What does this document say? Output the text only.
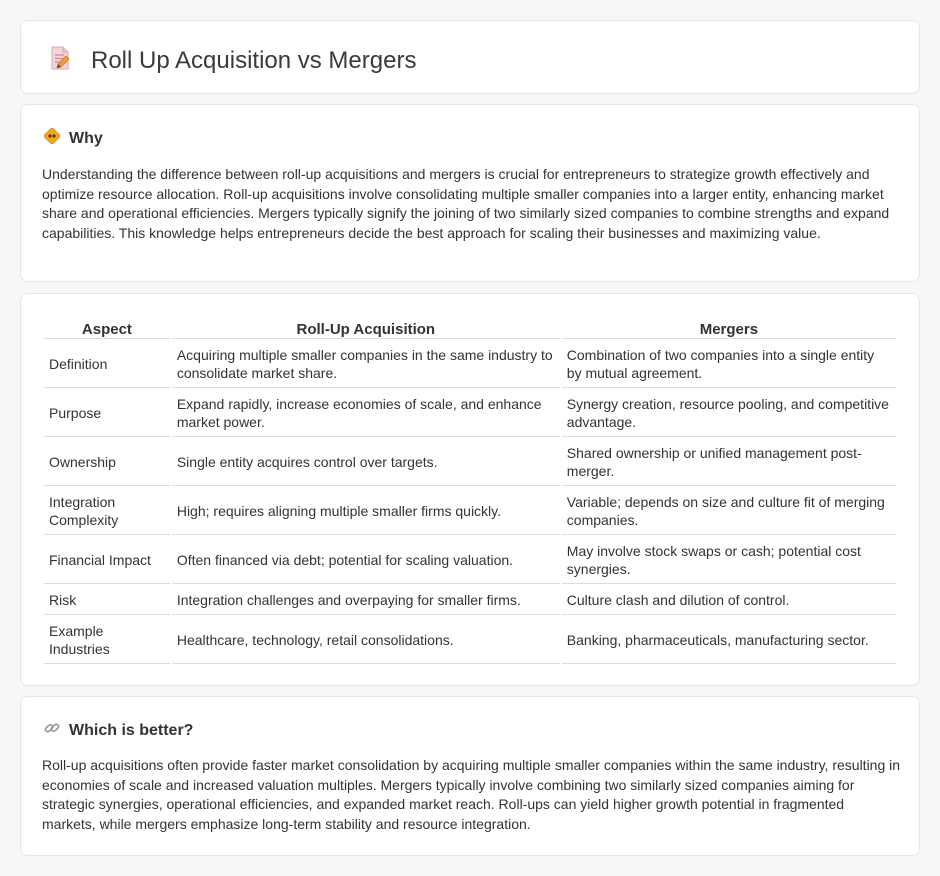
Roll Up Acquisition vs Mergers
Why

Understanding the difference between roll-up acquisitions and mergers is crucial for entrepreneurs to strategize growth effectively and optimize resource allocation. Roll-up acquisitions involve consolidating multiple smaller companies into a larger entity, enhancing market share and operational efficiencies. Mergers typically signify the joining of two similarly sized companies to combine strengths and expand capabilities. This knowledge helps entrepreneurs decide the best approach for scaling their businesses and maximizing value.

Aspect	Roll-Up Acquisition	Mergers
Definition	Acquiring multiple smaller companies in the same industry to consolidate market share.	Combination of two companies into a single entity by mutual agreement.
Purpose	Expand rapidly, increase economies of scale, and enhance market power.	Synergy creation, resource pooling, and competitive advantage.
Ownership	Single entity acquires control over targets.	Shared ownership or unified management post-merger.
Integration Complexity	High; requires aligning multiple smaller firms quickly.	Variable; depends on size and culture fit of merging companies.
Financial Impact	Often financed via debt; potential for scaling valuation.	May involve stock swaps or cash; potential cost synergies.
Risk	Integration challenges and overpaying for smaller firms.	Culture clash and dilution of control.
Example Industries	Healthcare, technology, retail consolidations.	Banking, pharmaceuticals, manufacturing sector.
Which is better?

Roll-up acquisitions often provide faster market consolidation by acquiring multiple smaller companies within the same industry, resulting in economies of scale and increased valuation multiples. Mergers typically involve combining two similarly sized companies aiming for strategic synergies, operational efficiencies, and expanded market reach. Roll-ups can yield higher growth potential in fragmented markets, while mergers emphasize long-term stability and resource integration.
